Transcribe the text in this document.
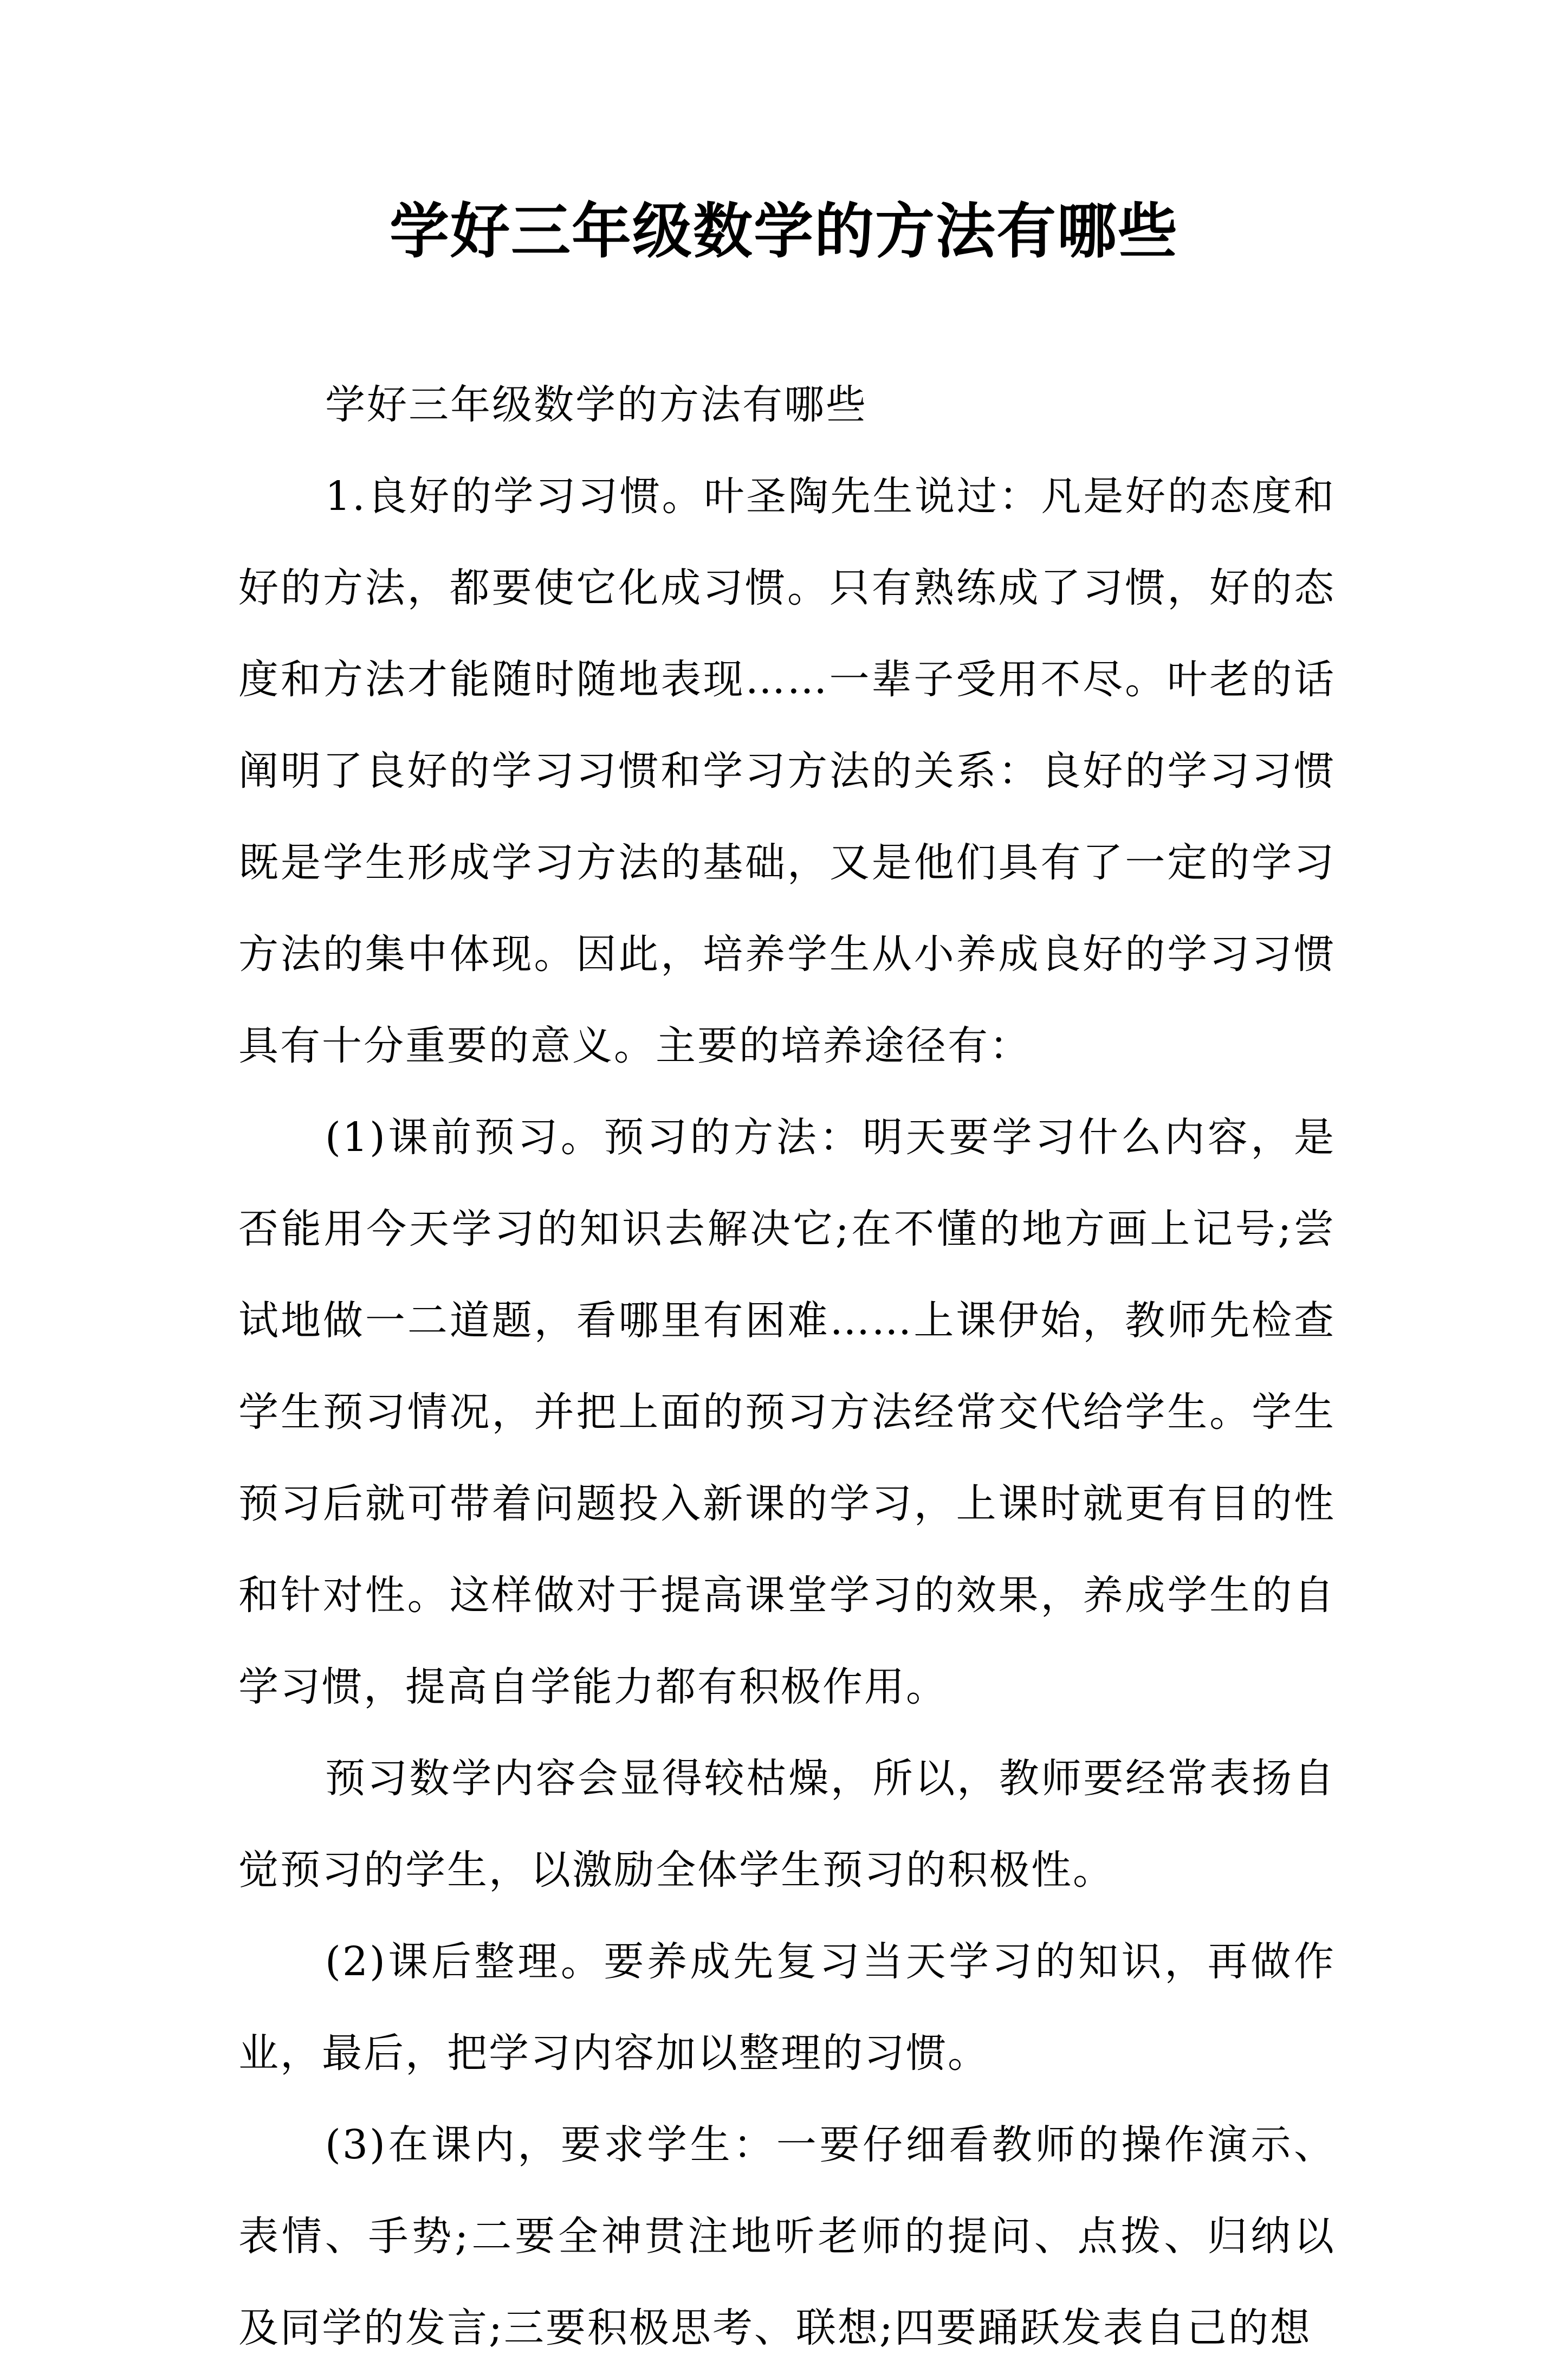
学好三年级数学的方法有哪些

学好三年级数学的方法有哪些

1.良好的学习习惯。叶圣陶先生说过：凡是好的态度和好的方法，都要使它化成习惯。只有熟练成了习惯，好的态度和方法才能随时随地表现……一辈子受用不尽。叶老的话阐明了良好的学习习惯和学习方法的关系：良好的学习习惯既是学生形成学习方法的基础，又是他们具有了一定的学习方法的集中体现。因此，培养学生从小养成良好的学习习惯具有十分重要的意义。主要的培养途径有：

(1)课前预习。预习的方法：明天要学习什么内容，是否能用今天学习的知识去解决它;在不懂的地方画上记号;尝试地做一二道题，看哪里有困难……上课伊始，教师先检查学生预习情况，并把上面的预习方法经常交代给学生。学生预习后就可带着问题投入新课的学习，上课时就更有目的性和针对性。这样做对于提高课堂学习的效果，养成学生的自学习惯，提高自学能力都有积极作用。

预习数学内容会显得较枯燥，所以，教师要经常表扬自觉预习的学生，以激励全体学生预习的积极性。

(2)课后整理。要养成先复习当天学习的知识，再做作业，最后，把学习内容加以整理的习惯。

(3)在课内，要求学生：一要仔细看教师的操作演示、表情、手势;二要全神贯注地听老师的提问、点拨、归纳以及同学的发言;三要积极思考、联想;四要踊跃发表自己的想
